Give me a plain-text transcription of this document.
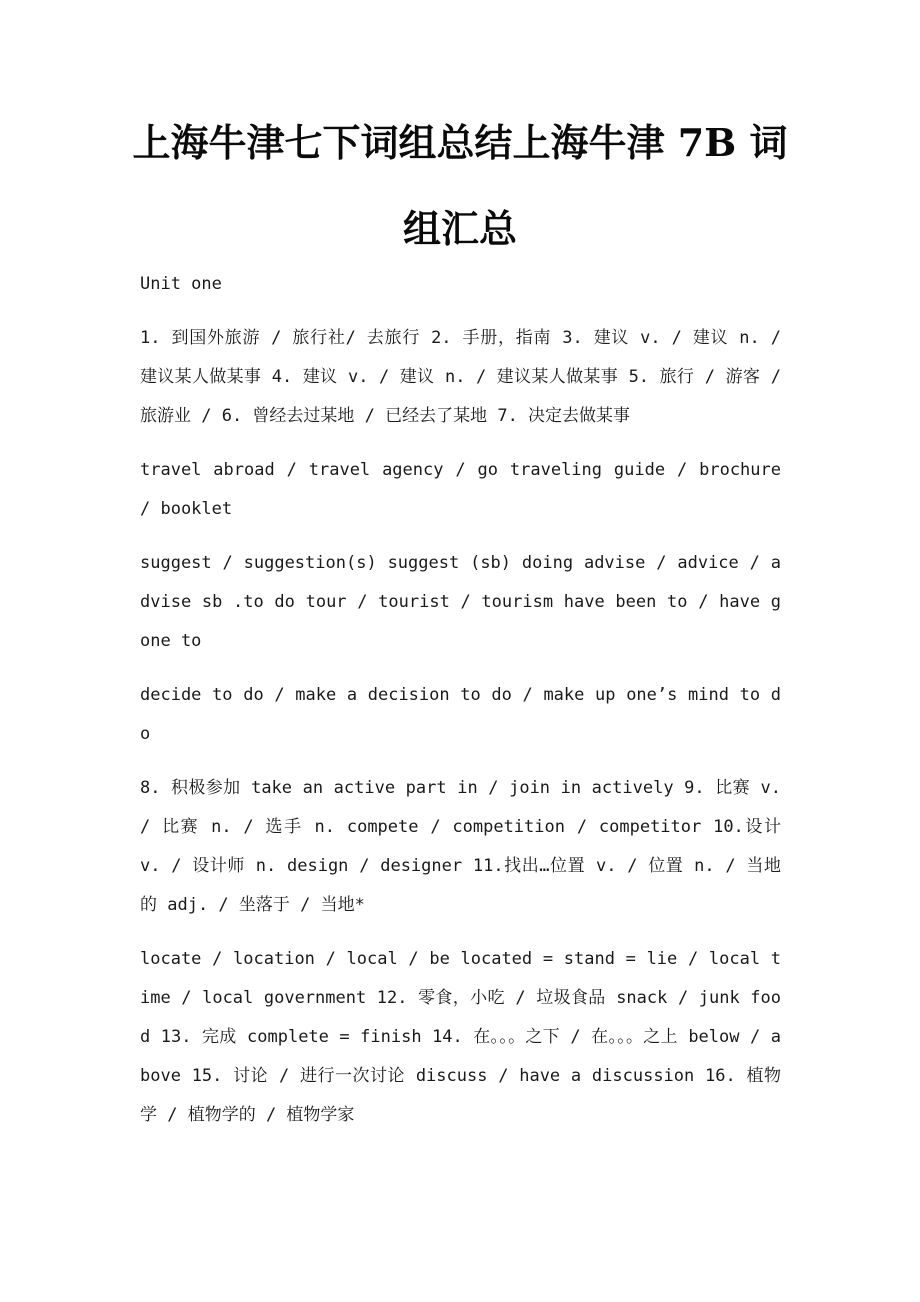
上海牛津七下词组总结上海牛津 7B 词
组汇总

Unit one

1. 到国外旅游 / 旅行社/ 去旅行 2. 手册，指南 3. 建议 v. / 建议 n. / 建议某人做某事 4. 建议 v. / 建议 n. / 建议某人做某事 5. 旅行 / 游客 / 旅游业 / 6. 曾经去过某地 / 已经去了某地 7. 决定去做某事

travel abroad / travel agency / go traveling guide / brochure / booklet

suggest / suggestion(s) suggest (sb) doing advise / advice / advise sb .to do tour / tourist / tourism have been to / have gone to

decide to do / make a decision to do / make up one’s mind to do

8. 积极参加 take an active part in / join in actively 9. 比赛 v. / 比赛 n. / 选手 n. compete / competition / competitor 10.设计 v. / 设计师 n. design / designer 11.找出…位置 v. / 位置 n. / 当地的 adj. / 坐落于 / 当地*

locate / location / local / be located = stand = lie / local time / local government 12. 零食，小吃 / 垃圾食品 snack / junk food 13. 完成 complete = finish 14. 在。。。之下 / 在。。。之上 below / above 15. 讨论 / 进行一次讨论 discuss / have a discussion 16. 植物学 / 植物学的 / 植物学家
